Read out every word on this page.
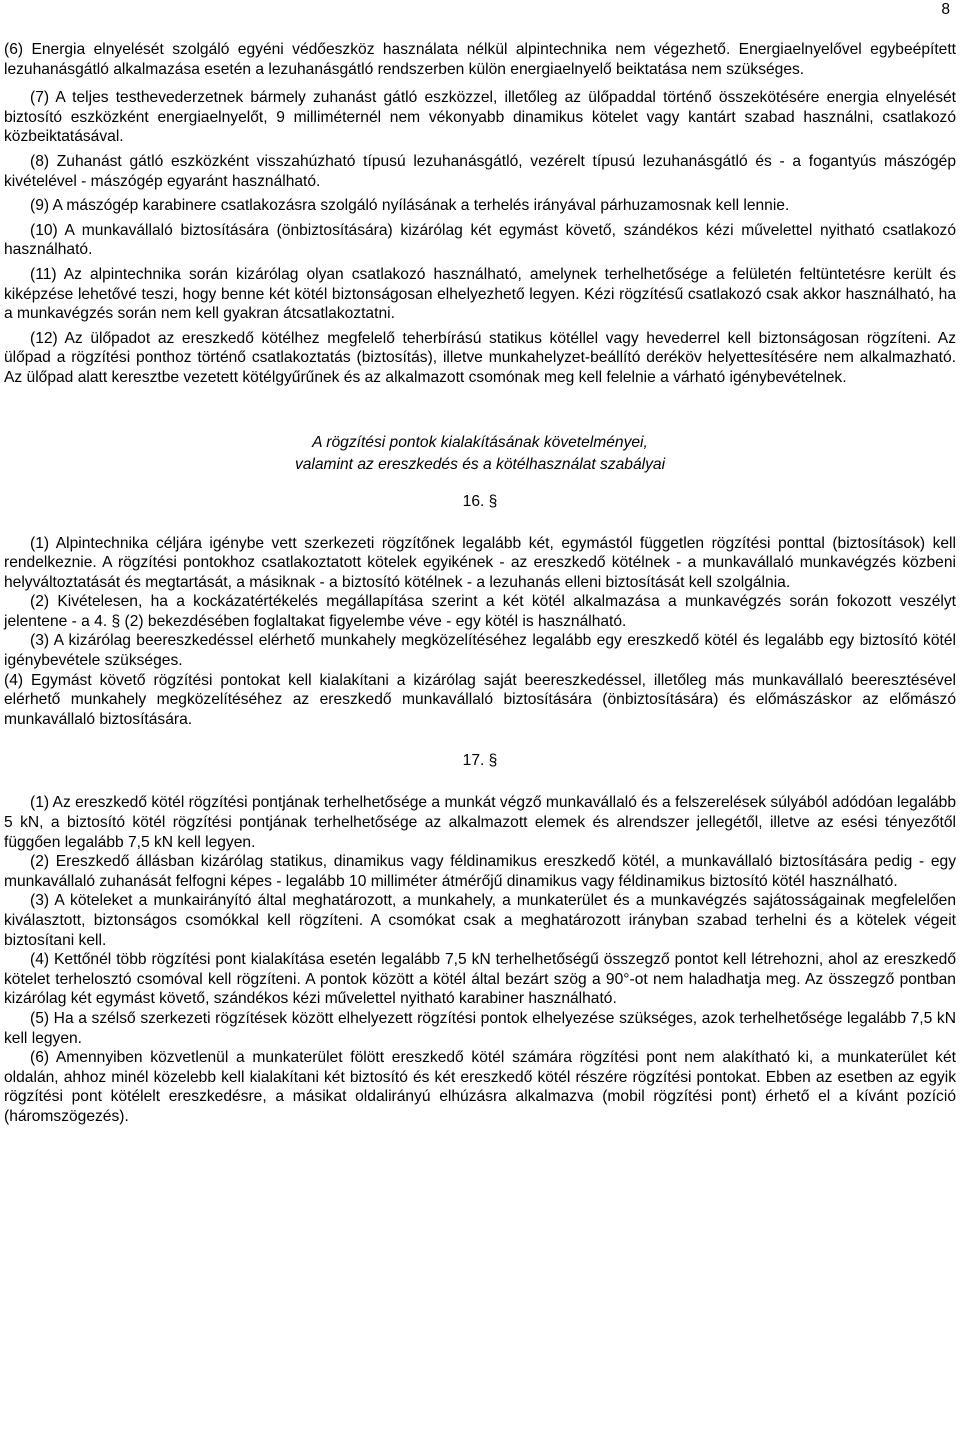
8

(6) Energia elnyelését szolgáló egyéni védőeszköz használata nélkül alpintechnika nem végezhető. Energiaelnyelővel egybeépített lezuhanásgátló alkalmazása esetén a lezuhanásgátló rendszerben külön energiaelnyelő beiktatása nem szükséges.

(7) A teljes testhevederzetnek bármely zuhanást gátló eszközzel, illetőleg az ülőpaddal történő összekötésére energia elnyelését biztosító eszközként energiaelnyelőt, 9 milliméternél nem vékonyabb dinamikus kötelet vagy kantárt szabad használni, csatlakozó közbeiktatásával.

(8) Zuhanást gátló eszközként visszahúzható típusú lezuhanásgátló, vezérelt típusú lezuhanásgátló és - a fogantyús mászógép kivételével - mászógép egyaránt használható.

(9) A mászógép karabinere csatlakozásra szolgáló nyílásának a terhelés irányával párhuzamosnak kell lennie.

(10) A munkavállaló biztosítására (önbiztosítására) kizárólag két egymást követő, szándékos kézi művelettel nyitható csatlakozó használható.

(11) Az alpintechnika során kizárólag olyan csatlakozó használható, amelynek terhelhetősége a felületén feltüntetésre került és kiképzése lehetővé teszi, hogy benne két kötél biztonságosan elhelyezhető legyen. Kézi rögzítésű csatlakozó csak akkor használható, ha a munkavégzés során nem kell gyakran átcsatlakoztatni.

(12) Az ülőpadot az ereszkedő kötélhez megfelelő teherbírású statikus kötéllel vagy hevederrel kell biztonságosan rögzíteni. Az ülőpad a rögzítési ponthoz történő csatlakoztatás (biztosítás), illetve munkahelyzet-beállító deréköv helyettesítésére nem alkalmazható. Az ülőpad alatt keresztbe vezetett kötélgyűrűnek és az alkalmazott csomónak meg kell felelnie a várható igénybevételnek.

A rögzítési pontok kialakításának követelményei,

valamint az ereszkedés és a kötélhasználat szabályai

16. §

(1) Alpintechnika céljára igénybe vett szerkezeti rögzítőnek legalább két, egymástól független rögzítési ponttal (biztosítások) kell rendelkeznie. A rögzítési pontokhoz csatlakoztatott kötelek egyikének - az ereszkedő kötélnek - a munkavállaló munkavégzés közbeni helyváltoztatását és megtartását, a másiknak - a biztosító kötélnek - a lezuhanás elleni biztosítását kell szolgálnia.

(2) Kivételesen, ha a kockázatértékelés megállapítása szerint a két kötél alkalmazása a munkavégzés során fokozott veszélyt jelentene - a 4. § (2) bekezdésében foglaltakat figyelembe véve - egy kötél is használható.

(3) A kizárólag beereszkedéssel elérhető munkahely megközelítéséhez legalább egy ereszkedő kötél és legalább egy biztosító kötél igénybevétele szükséges.

(4) Egymást követő rögzítési pontokat kell kialakítani a kizárólag saját beereszkedéssel, illetőleg más munkavállaló beeresztésével elérhető munkahely megközelítéséhez az ereszkedő munkavállaló biztosítására (önbiztosítására) és előmászáskor az előmászó munkavállaló biztosítására.

17. §

(1) Az ereszkedő kötél rögzítési pontjának terhelhetősége a munkát végző munkavállaló és a felszerelések súlyából adódóan legalább 5 kN, a biztosító kötél rögzítési pontjának terhelhetősége az alkalmazott elemek és alrendszer jellegétől, illetve az esési tényezőtől függően legalább 7,5 kN kell legyen.

(2) Ereszkedő állásban kizárólag statikus, dinamikus vagy féldinamikus ereszkedő kötél, a munkavállaló biztosítására pedig - egy munkavállaló zuhanását felfogni képes - legalább 10 milliméter átmérőjű dinamikus vagy féldinamikus biztosító kötél használható.

(3) A köteleket a munkairányító által meghatározott, a munkahely, a munkaterület és a munkavégzés sajátosságainak megfelelően kiválasztott, biztonságos csomókkal kell rögzíteni. A csomókat csak a meghatározott irányban szabad terhelni és a kötelek végeit biztosítani kell.

(4) Kettőnél több rögzítési pont kialakítása esetén legalább 7,5 kN terhelhetőségű összegző pontot kell létrehozni, ahol az ereszkedő kötelet terhelosztó csomóval kell rögzíteni. A pontok között a kötél által bezárt szög a 90°-ot nem haladhatja meg. Az összegző pontban kizárólag két egymást követő, szándékos kézi művelettel nyitható karabiner használható.

(5) Ha a szélső szerkezeti rögzítések között elhelyezett rögzítési pontok elhelyezése szükséges, azok terhelhetősége legalább 7,5 kN kell legyen.

(6) Amennyiben közvetlenül a munkaterület fölött ereszkedő kötél számára rögzítési pont nem alakítható ki, a munkaterület két oldalán, ahhoz minél közelebb kell kialakítani két biztosító és két ereszkedő kötél részére rögzítési pontokat. Ebben az esetben az egyik rögzítési pont kötélelt ereszkedésre, a másikat oldalirányú elhúzásra alkalmazva (mobil rögzítési pont) érhető el a kívánt pozíció (háromszögezés).
